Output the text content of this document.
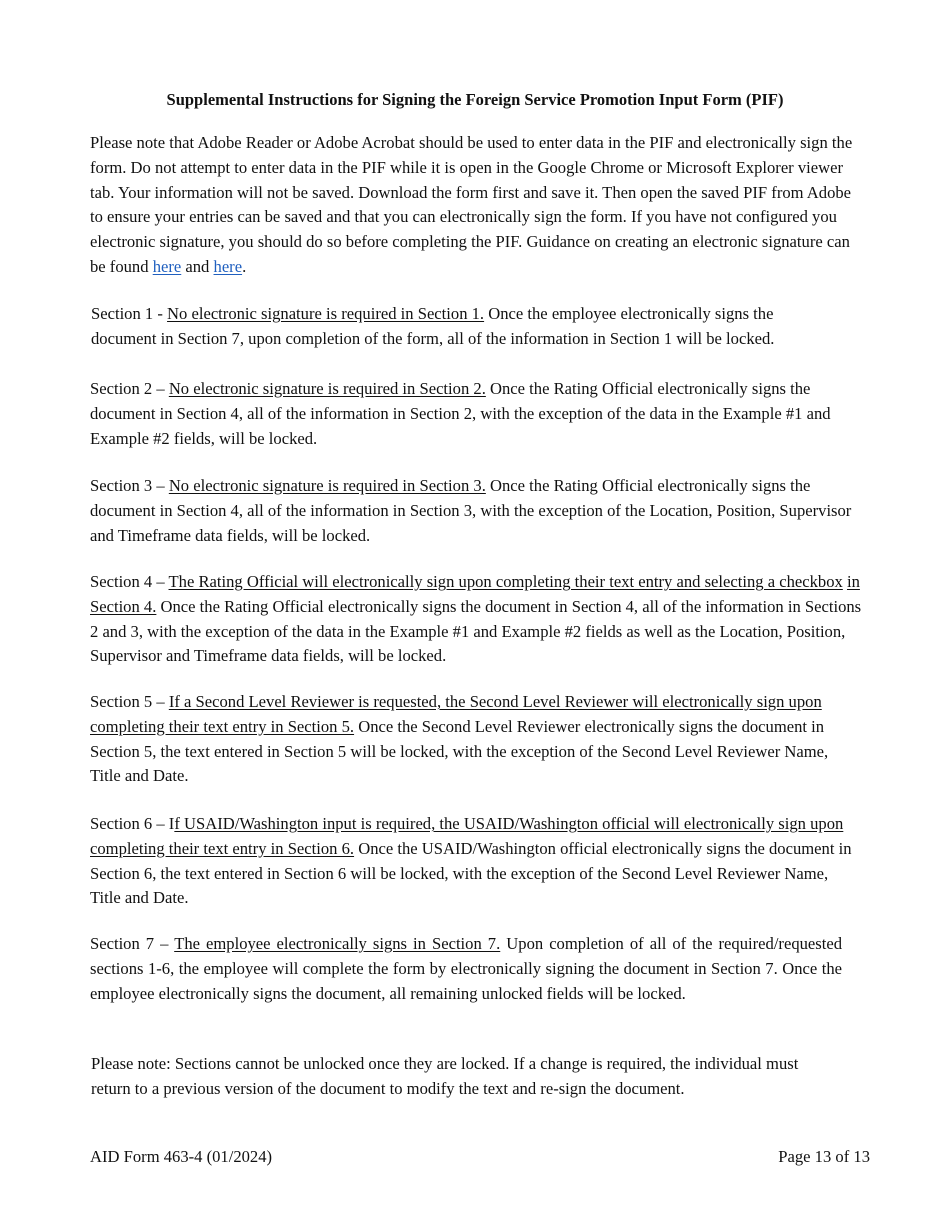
Supplemental Instructions for Signing the Foreign Service Promotion Input Form (PIF)

Please note that Adobe Reader or Adobe Acrobat should be used to enter data in the PIF and electronically sign the form. Do not attempt to enter data in the PIF while it is open in the Google Chrome or Microsoft Explorer viewer tab. Your information will not be saved. Download the form first and save it. Then open the saved PIF from Adobe to ensure your entries can be saved and that you can electronically sign the form. If you have not configured you electronic signature, you should do so before completing the PIF. Guidance on creating an electronic signature can be found here and here.

Section 1 - No electronic signature is required in Section 1. Once the employee electronically signs the document in Section 7, upon completion of the form, all of the information in Section 1 will be locked.

Section 2 – No electronic signature is required in Section 2. Once the Rating Official electronically signs the document in Section 4, all of the information in Section 2, with the exception of the data in the Example #1 and Example #2 fields, will be locked.

Section 3 – No electronic signature is required in Section 3. Once the Rating Official electronically signs the document in Section 4, all of the information in Section 3, with the exception of the Location, Position, Supervisor and Timeframe data fields, will be locked.

Section 4 – The Rating Official will electronically sign upon completing their text entry and selecting a checkbox in Section 4. Once the Rating Official electronically signs the document in Section 4, all of the information in Sections 2 and 3, with the exception of the data in the Example #1 and Example #2 fields as well as the Location, Position, Supervisor and Timeframe data fields, will be locked.

Section 5 – If a Second Level Reviewer is requested, the Second Level Reviewer will electronically sign upon completing their text entry in Section 5. Once the Second Level Reviewer electronically signs the document in Section 5, the text entered in Section 5 will be locked, with the exception of the Second Level Reviewer Name, Title and Date.

Section 6 – If USAID/Washington input is required, the USAID/Washington official will electronically sign upon completing their text entry in Section 6. Once the USAID/Washington official electronically signs the document in Section 6, the text entered in Section 6 will be locked, with the exception of the Second Level Reviewer Name, Title and Date.

Section 7 – The employee electronically signs in Section 7. Upon completion of all of the required/requested sections 1-6, the employee will complete the form by electronically signing the document in Section 7. Once the employee electronically signs the document, all remaining unlocked fields will be locked.

Please note: Sections cannot be unlocked once they are locked. If a change is required, the individual must return to a previous version of the document to modify the text and re-sign the document.

AID Form 463-4 (01/2024)	Page 13 of 13
